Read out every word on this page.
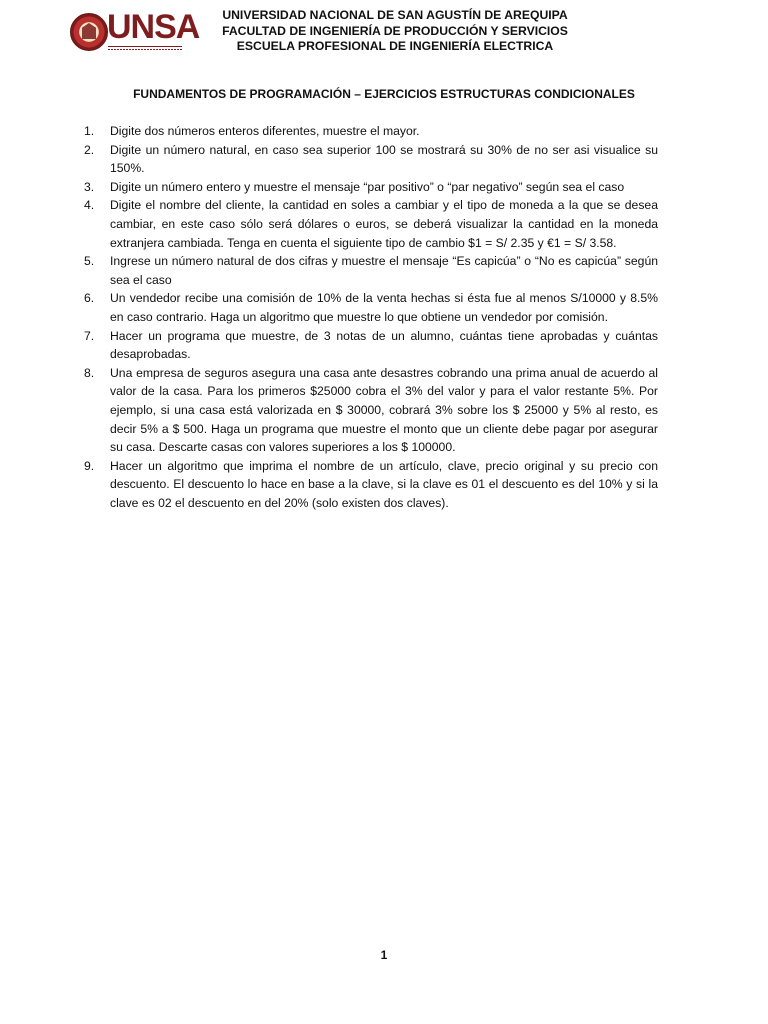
UNSA	UNIVERSIDAD NACIONAL DE SAN AGUSTÍN DE AREQUIPA
FACULTAD DE INGENIERÍA DE PRODUCCIÓN Y SERVICIOS
ESCUELA PROFESIONAL DE INGENIERÍA ELECTRICA
FUNDAMENTOS DE PROGRAMACIÓN – EJERCICIOS ESTRUCTURAS CONDICIONALES
1.	Digite dos números enteros diferentes, muestre el mayor.
2.	Digite un número natural, en caso sea superior 100 se mostrará su 30% de no ser asi visualice su 150%.
3.	Digite un número entero y muestre el mensaje “par positivo” o “par negativo” según sea el caso
4.	Digite el nombre del cliente, la cantidad en soles a cambiar y el tipo de moneda a la que se desea cambiar, en este caso sólo será dólares o euros, se deberá visualizar la cantidad en la moneda extranjera cambiada. Tenga en cuenta el siguiente tipo de cambio $1 = S/ 2.35 y €1 = S/ 3.58.
5.	Ingrese un número natural de dos cifras y muestre el mensaje “Es capicúa” o “No es capicúa” según sea el caso
6.	Un vendedor recibe una comisión de 10% de la venta hechas si ésta fue al menos S/10000 y 8.5% en caso contrario. Haga un algoritmo que muestre lo que obtiene un vendedor por comisión.
7.	Hacer un programa que muestre, de 3 notas de un alumno, cuántas tiene aprobadas y cuántas desaprobadas.
8.	Una empresa de seguros asegura una casa ante desastres cobrando una prima anual de acuerdo al valor de la casa. Para los primeros $25000 cobra el 3% del valor y para el valor restante 5%. Por ejemplo, si una casa está valorizada en $ 30000, cobrará 3% sobre los $ 25000 y 5% al resto, es decir 5% a $ 500. Haga un programa que muestre el monto que un cliente debe pagar por asegurar su casa. Descarte casas con valores superiores a los $ 100000.
9.	Hacer un algoritmo que imprima el nombre de un artículo, clave, precio original y su precio con descuento. El descuento lo hace en base a la clave, si la clave es 01 el descuento es del 10% y si la clave es 02 el descuento en del 20% (solo existen dos claves).
1
